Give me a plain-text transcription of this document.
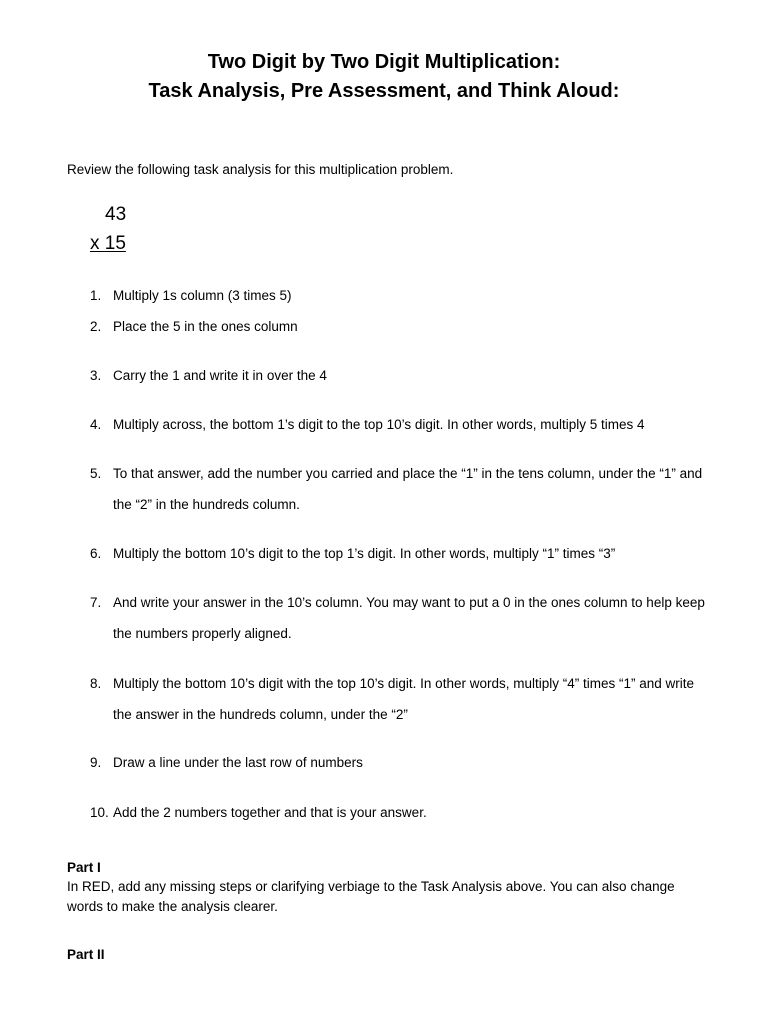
Two Digit by Two Digit Multiplication:
Task Analysis, Pre Assessment, and Think Aloud:

Review the following task analysis for this multiplication problem.

43
x 15
1. Multiply 1s column (3 times 5)
2. Place the 5 in the ones column
3. Carry the 1 and write it in over the 4
4. Multiply across, the bottom 1’s digit to the top 10’s digit. In other words, multiply 5 times 4
5. To that answer, add the number you carried and place the “1” in the tens column, under the “1” and the “2” in the hundreds column.
6. Multiply the bottom 10’s digit to the top 1’s digit. In other words, multiply “1” times “3”
7. And write your answer in the 10’s column. You may want to put a 0 in the ones column to help keep the numbers properly aligned.
8. Multiply the bottom 10’s digit with the top 10’s digit. In other words, multiply “4” times “1” and write the answer in the hundreds column, under the “2”
9. Draw a line under the last row of numbers
10. Add the 2 numbers together and that is your answer.
Part I

In RED, add any missing steps or clarifying verbiage to the Task Analysis above. You can also change words to make the analysis clearer.

Part II
